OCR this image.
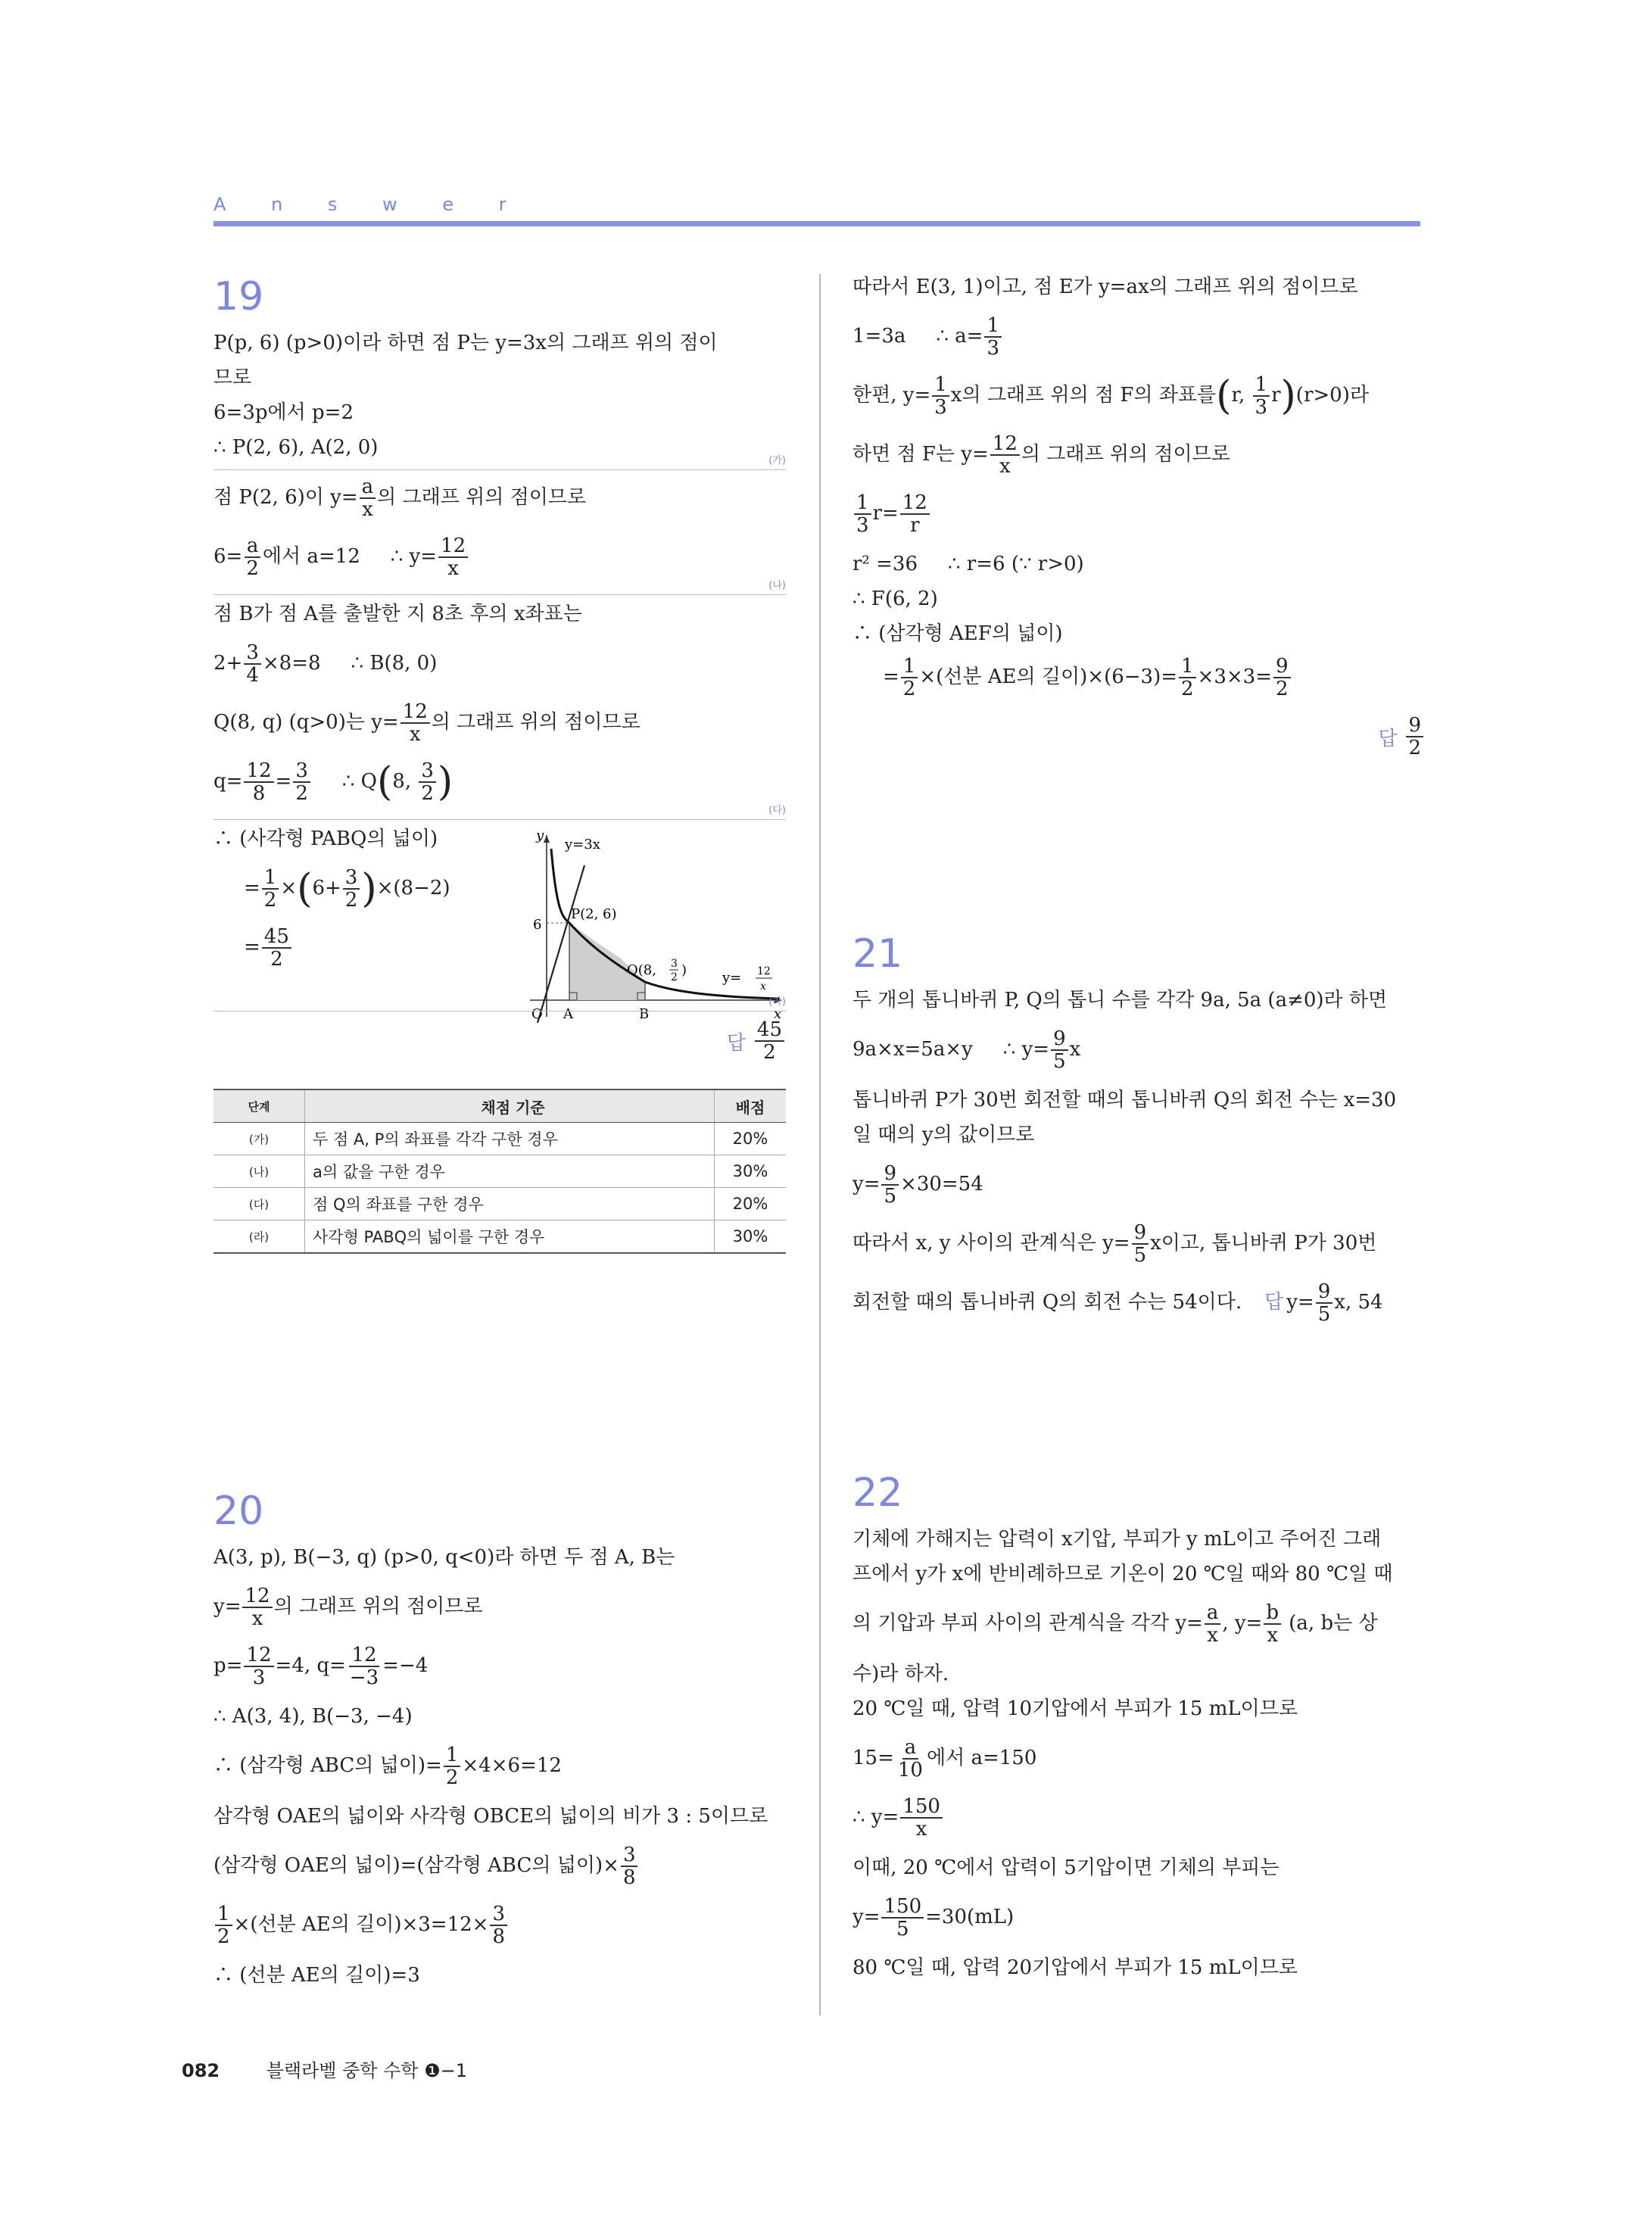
A n s w e r
19
P(p, 6) (p>0)이라 하면 점 P는 y=3x의 그래프 위의 점이
므로
6=3p에서 p=2
∴ P(2, 6), A(2, 0)
(가)
점 P(2, 6)이 $y= \frac{a}{x}$ 의 그래프 위의 점이므로
$6= \frac{a}{2}$ 에서 a=12 ∴ $y= \frac{12}{x}$
(나)
점 B가 점 A를 출발한 지 8초 후의 x좌표는
$2+ \frac{3}{4} \times 8=8$ ∴ B(8, 0)
Q(8, q) (q>0)는 $y= \frac{12}{x}$ 의 그래프 위의 점이므로
$q= \frac{12}{8} = \frac{3}{2}$ ∴ Q(8, $\frac{3}{2}$ )
(다)
∴ (사각형 PABQ의 넓이)
= $\frac{1}{2} \times(6+ \frac{3}{2} )\times(8-2)$
= $\frac{45}{2}$
y
x
y=3x
P(2, 6)
Q(8, 3
2 )	y= 12
x
6
O A	B
(라)
답 $\frac{45}{2}$
단계	채점 기준	배점
(가)	두 점 A, P의 좌표를 각각 구한 경우	20%
(나)	a의 값을 구한 경우	30%
(다)	점 Q의 좌표를 구한 경우	20%
(라)	사각형 PABQ의 넓이를 구한 경우	30%
20
A(3, p), B(−3, q) (p>0, q<0)라 하면 두 점 A, B는
$y= \frac{12}{x}$ 의 그래프 위의 점이므로
$p= \frac{12}{3} =4$, $q= \frac{12}{-3} =-4$
∴ A(3, 4), B(−3, −4)
∴ (삼각형 ABC의 넓이)= $\frac{1}{2} \times 4\times 6=12$
삼각형 OAE의 넓이와 사각형 OBCE의 넓이의 비가 3 : 5이므로
(삼각형 OAE의 넓이)=(삼각형 ABC의 넓이)× $\frac{3}{8}$
$\frac{1}{2}$ ×(선분 AE의 길이)$\times 3=12\times \frac{3}{8}$
∴ (선분 AE의 길이)=3
따라서 E(3, 1)이고, 점 E가 y=ax의 그래프 위의 점이므로
1=3a ∴ $a= \frac{1}{3}$
한편, $y= \frac{1}{3}$ x의 그래프 위의 점 F의 좌표를(r, $\frac{1}{3} r)(r>0)$라
하면 점 F는 $y= \frac{12}{x}$ 의 그래프 위의 점이므로
$\frac{1}{3} r= \frac{12}{r}$
r² =36 ∴ r=6 (∵ r>0)
∴ F(6, 2)
∴ (삼각형 AEF의 넓이)
= $\frac{1}{2}$ ×(선분 AE의 길이)$\times(6-3)= \frac{1}{2} \times 3\times 3= \frac{9}{2}$
답 $\frac{9}{2}$
21
두 개의 톱니바퀴 P, Q의 톱니 수를 각각 9a, 5a (a≠0)라 하면
9a×x=5a×y ∴ $y= \frac{9}{5}$ x
톱니바퀴 P가 30번 회전할 때의 톱니바퀴 Q의 회전 수는 x=30
일 때의 y의 값이므로
$y= \frac{9}{5} \times 30=54$
따라서 x, y 사이의 관계식은 $y= \frac{9}{5}$ x이고, 톱니바퀴 P가 30번
회전할 때의 톱니바퀴 Q의 회전 수는 54이다. 답 $y= \frac{9}{5} x$, 54
22
기체에 가해지는 압력이 x기압, 부피가 y mL이고 주어진 그래
프에서 y가 x에 반비례하므로 기온이 20 ℃일 때와 80 ℃일 때
의 기압과 부피 사이의 관계식을 각각 $y= \frac{a}{x}$ , $y= \frac{b}{x} (a$, b는 상
수)라 하자.
20 ℃일 때, 압력 10기압에서 부피가 15 mL이므로
$15= \frac{a}{10}$ 에서 a=150
∴ $y= \frac{150}{x}$
이때, 20 ℃에서 압력이 5기압이면 기체의 부피는
$y= \frac{150}{5} =30(mL)$
80 ℃일 때, 압력 20기압에서 부피가 15 mL이므로
082	블랙라벨 중학 수학 ❶−1
